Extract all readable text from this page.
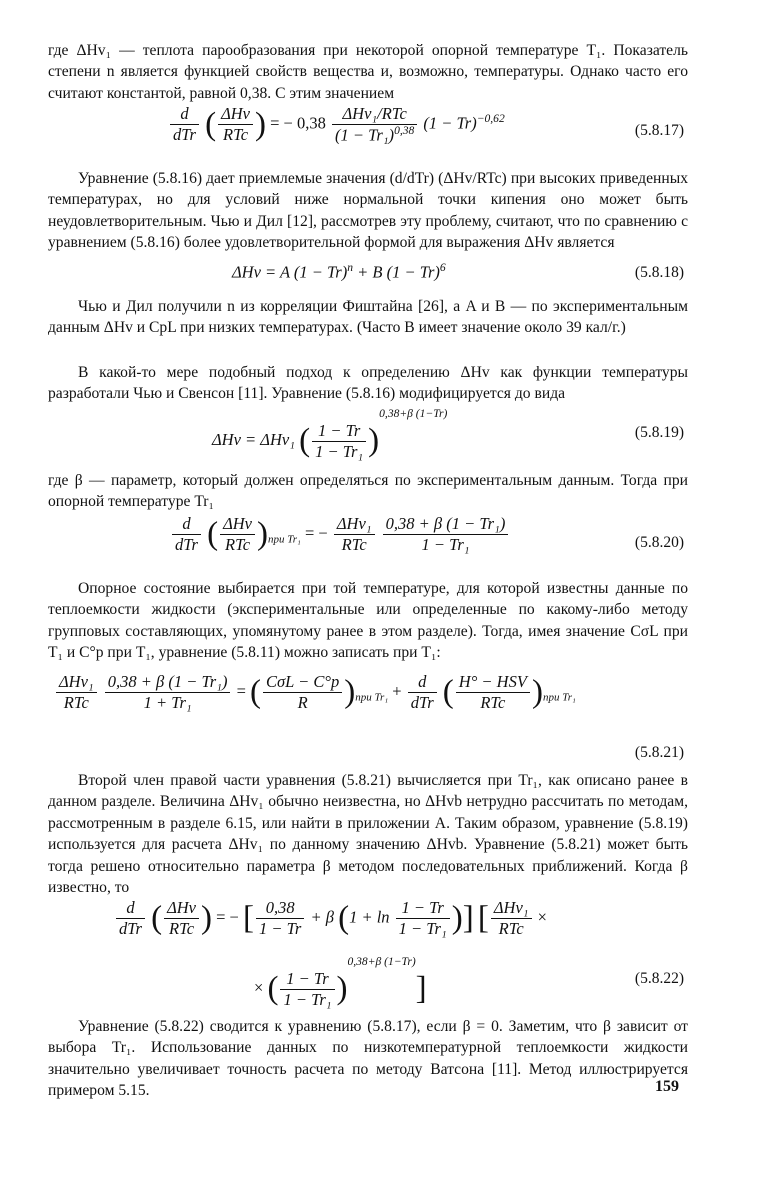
где ΔHv₁ — теплота парообразования при некоторой опорной температуре T₁. Показатель степени n является функцией свойств вещества и, возможно, температуры. Однако часто его считают константой, равной 0,38. С этим значением

$\frac{d}{\text{dTr}}$ ( $\frac{\text{ΔHv}}{\text{RTc}}$ ) = − $0,38 \frac{\text{ΔHv₁/RTc}}{(1 - Tr_1)^{0,38}} (1 - Tr)^{-0,62}$
(5.8.17)

Уравнение (5.8.16) дает приемлемые значения (d/dTr) (ΔHv/RTc) при высоких приведенных температурах, но для условий ниже нормальной точки кипения оно может быть неудовлетворительным. Чью и Дил [12], рассмотрев эту проблему, считают, что по сравнению с уравнением (5.8.16) более удовлетворительной формой для выражения ΔHv является

ΔHv = A $(1 - Tr)^n + B$ $(1 - Tr)^6$	(5.8.18)

Чью и Дил получили n из корреляции Фиштайна [26], а A и B — по экспериментальным данным ΔHv и CpL при низких температурах. (Часто B имеет значение около 39 кал/г.)

В какой-то мере подобный подход к определению ΔHv как функции температуры разработали Чью и Свенсон [11]. Уравнение (5.8.16) модифицируется до вида

ΔHv = ΔHv₁ ( $\frac{1 - Tr}{\text{1 − Tr₁}} )^{0,38+\beta (1-Tr)}$
(5.8.19)

где β — параметр, который должен определяться по экспериментальным данным. Тогда при опорной температуре Tr₁

$\frac{d}{\text{dTr}}$ ( $\frac{\text{ΔHv}}{\text{RTc}} )_{при Tr_1}$ = − $\frac{\text{ΔHv₁}}{\text{RTc}}$
$\frac{\text{0,38 + β (1 − Tr₁)}}{\text{1 − Tr₁}}$	(5.8.20)

Опорное состояние выбирается при той температуре, для которой известны данные по теплоемкости жидкости (экспериментальные или определенные по какому-либо методу групповых составляющих, упомянутому ранее в этом разделе). Тогда, имея значение CσL при T₁ и C°p при T₁, уравнение (5.8.11) можно записать при T₁:

$\frac{\text{ΔHv₁}}{\text{RTc}}$
$\frac{\text{0,38 + β (1 − Tr₁)}}{\text{1 + Tr₁}}$ = ( $\frac{\text{CσL − C°p}}{R} )_{при Tr_1} + \frac{d}{\text{dTr}}$ ( $\frac{\text{H° − HSV}}{\text{RTc}} )_{при Tr_1}$
(5.8.21)

Второй член правой части уравнения (5.8.21) вычисляется при Tr₁, как описано ранее в данном разделе. Величина ΔHv₁ обычно неизвестна, но ΔHvb нетрудно рассчитать по методам, рассмотренным в разделе 6.15, или найти в приложении А. Таким образом, уравнение (5.8.19) используется для расчета ΔHv₁ по данному значению ΔHvb. Уравнение (5.8.21) может быть тогда решено относительно параметра β методом последовательных приближений. Когда β известно, то

$\frac{d}{\text{dTr}}$ ( $\frac{\text{ΔHv}}{\text{RTc}}$ ) = − [ $\frac{0,38}{1 - Tr} + \beta$ ($1 + \ln \frac{1 - Tr}{\text{1 − Tr₁}}$ )] [ $\frac{\text{ΔHv₁}}{\text{RTc}}$ ×
× ( $\frac{1 - Tr}{\text{1 − Tr₁}} )^{0,38+\beta (1-Tr)}$]	(5.8.22)

Уравнение (5.8.22) сводится к уравнению (5.8.17), если β = 0. Заметим, что β зависит от выбора Tr₁. Использование данных по низкотемпературной теплоемкости жидкости значительно увеличивает точность расчета по методу Ватсона [11]. Метод иллюстрируется примером 5.15.	159
